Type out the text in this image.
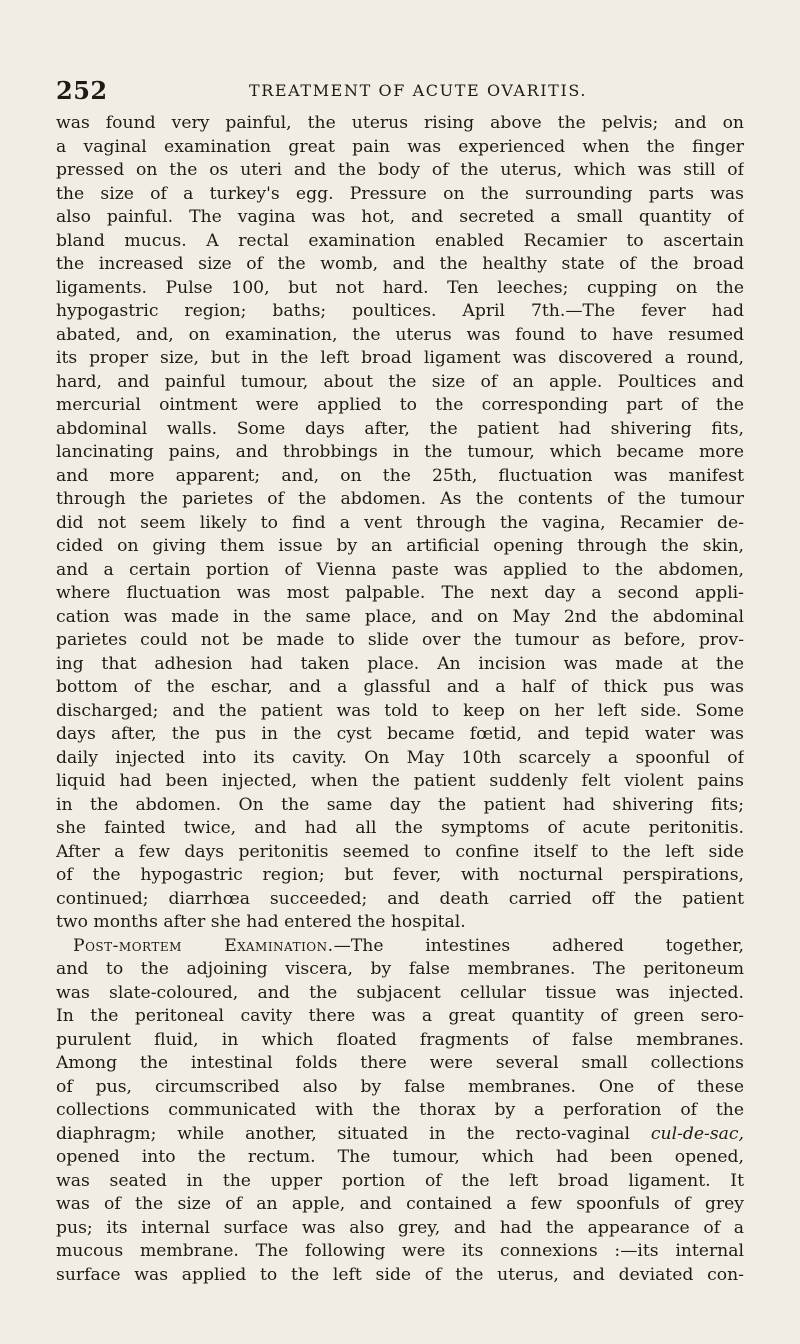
252	TREATMENT OF ACUTE OVARITIS.
was found very painful, the uterus rising above the pelvis; and on
a vaginal examination great pain was experienced when the finger
pressed on the os uteri and the body of the uterus, which was still of
the size of a turkey's egg. Pressure on the surrounding parts was
also painful. The vagina was hot, and secreted a small quantity of
bland mucus. A rectal examination enabled Recamier to ascertain
the increased size of the womb, and the healthy state of the broad
ligaments. Pulse 100, but not hard. Ten leeches; cupping on the
hypogastric region; baths; poultices. April 7th.—The fever had
abated, and, on examination, the uterus was found to have resumed
its proper size, but in the left broad ligament was discovered a round,
hard, and painful tumour, about the size of an apple. Poultices and
mercurial ointment were applied to the corresponding part of the
abdominal walls. Some days after, the patient had shivering fits,
lancinating pains, and throbbings in the tumour, which became more
and more apparent; and, on the 25th, fluctuation was manifest
through the parietes of the abdomen. As the contents of the tumour
did not seem likely to find a vent through the vagina, Recamier de-
cided on giving them issue by an artificial opening through the skin,
and a certain portion of Vienna paste was applied to the abdomen,
where fluctuation was most palpable. The next day a second appli-
cation was made in the same place, and on May 2nd the abdominal
parietes could not be made to slide over the tumour as before, prov-
ing that adhesion had taken place. An incision was made at the
bottom of the eschar, and a glassful and a half of thick pus was
discharged; and the patient was told to keep on her left side. Some
days after, the pus in the cyst became fœtid, and tepid water was
daily injected into its cavity. On May 10th scarcely a spoonful of
liquid had been injected, when the patient suddenly felt violent pains
in the abdomen. On the same day the patient had shivering fits;
she fainted twice, and had all the symptoms of acute peritonitis.
After a few days peritonitis seemed to confine itself to the left side
of the hypogastric region; but fever, with nocturnal perspirations,
continued; diarrhœa succeeded; and death carried off the patient
two months after she had entered the hospital.
Post-mortem Examination.—The intestines adhered together,
and to the adjoining viscera, by false membranes. The peritoneum
was slate-coloured, and the subjacent cellular tissue was injected.
In the peritoneal cavity there was a great quantity of green sero-
purulent fluid, in which floated fragments of false membranes.
Among the intestinal folds there were several small collections
of pus, circumscribed also by false membranes. One of these
collections communicated with the thorax by a perforation of the
diaphragm; while another, situated in the recto-vaginal cul-de-sac,
opened into the rectum. The tumour, which had been opened,
was seated in the upper portion of the left broad ligament. It
was of the size of an apple, and contained a few spoonfuls of grey
pus; its internal surface was also grey, and had the appearance of a
mucous membrane. The following were its connexions :—its internal
surface was applied to the left side of the uterus, and deviated con-
